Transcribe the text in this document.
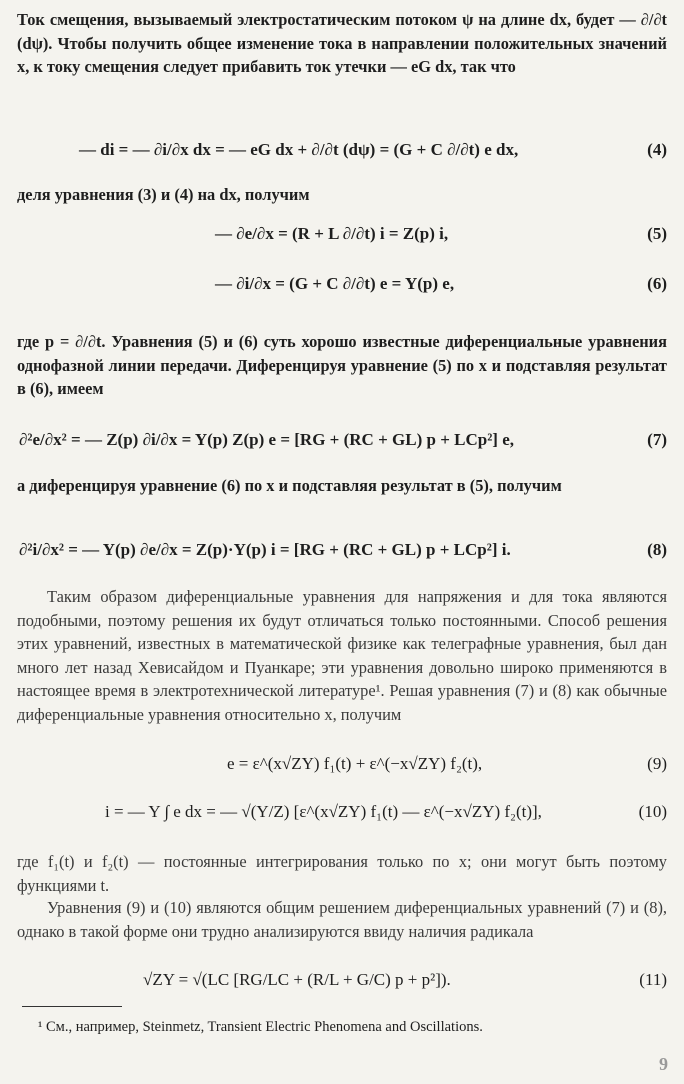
Ток смещения, вызываемый электростатическим потоком ψ на длине dx, будет — ∂/∂t (dψ). Чтобы получить общее изменение тока в направлении положительных значений x, к току смещения следует прибавить ток утечки — eG dx, так что
— di = — ∂i/∂x dx = — eG dx + ∂/∂t (dψ) = (G + C ∂/∂t) e dx,	(4)
деля уравнения (3) и (4) на dx, получим
— ∂e/∂x = (R + L ∂/∂t) i = Z(p) i,	(5)
— ∂i/∂x = (G + C ∂/∂t) e = Y(p) e,	(6)
где p = ∂/∂t. Уравнения (5) и (6) суть хорошо известные диференциальные уравнения однофазной линии передачи. Диференцируя уравнение (5) по x и подставляя результат в (6), имеем
∂²e/∂x² = — Z(p) ∂i/∂x = Y(p) Z(p) e = [RG + (RC + GL) p + LCp²] e,	(7)
а диференцируя уравнение (6) по x и подставляя результат в (5), получим
∂²i/∂x² = — Y(p) ∂e/∂x = Z(p)·Y(p) i = [RG + (RC + GL) p + LCp²] i.	(8)
Таким образом диференциальные уравнения для напряжения и для тока являются подобными, поэтому решения их будут отличаться только постоянными. Способ решения этих уравнений, известных в математической физике как телеграфные уравнения, был дан много лет назад Хевисайдом и Пуанкаре; эти уравнения довольно широко применяются в настоящее время в электротехнической литературе¹. Решая уравнения (7) и (8) как обычные диференциальные уравнения относительно x, получим
e = ε^(x√ZY) f₁(t) + ε^(−x√ZY) f₂(t),	(9)
i = — Y ∫ e dx = — √(Y/Z) [ε^(x√ZY) f₁(t) — ε^(−x√ZY) f₂(t)],	(10)
где f₁(t) и f₂(t) — постоянные интегрирования только по x; они могут быть поэтому функциями t.
Уравнения (9) и (10) являются общим решением диференциальных уравнений (7) и (8), однако в такой форме они трудно анализируются ввиду наличия радикала
√ZY = √(LC [RG/LC + (R/L + G/C) p + p²]).	(11)
¹ См., например, Steinmetz, Transient Electric Phenomena and Oscillations.
9
